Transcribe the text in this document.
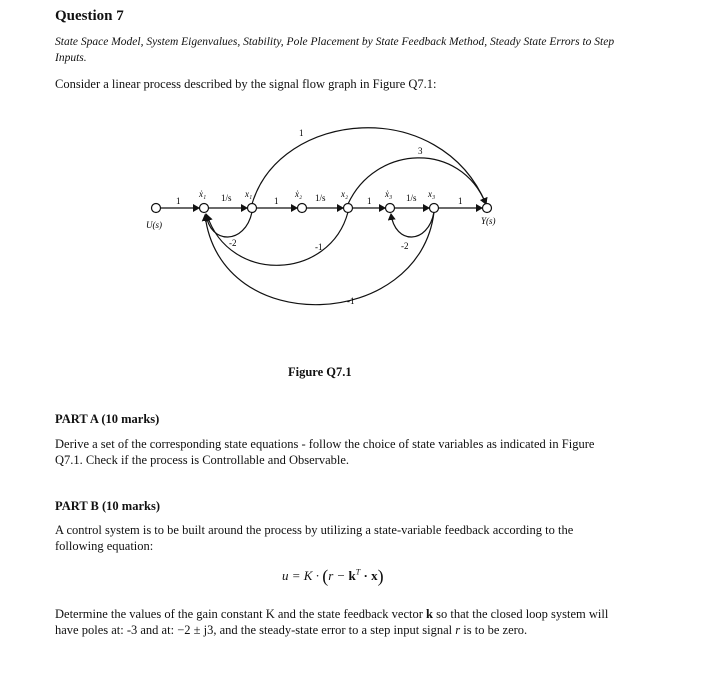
Question 7
State Space Model, System Eigenvalues, Stability, Pole Placement by State Feedback Method, Steady State Errors to Step Inputs.
Consider a linear process described by the signal flow graph in Figure Q7.1:
U(s)	Y(s)
1
ẋ₁ 1/s x₁
1
ẋ₂ 1/s x₂
1
ẋ₃ 1/s x₃
1
-2	-1	-2
-1
1
3
Figure Q7.1
PART A (10 marks)
Derive a set of the corresponding state equations - follow the choice of state variables as indicated in Figure Q7.1. Check if the process is Controllable and Observable.
PART B (10 marks)
A control system is to be built around the process by utilizing a state-variable feedback according to the following equation:
$u = K \cdot (r - k^T \cdot x)$
Determine the values of the gain constant K and the state feedback vector k so that the closed loop system will have poles at: -3 and at: −2 ± j3, and the steady-state error to a step input signal r is to be zero.
